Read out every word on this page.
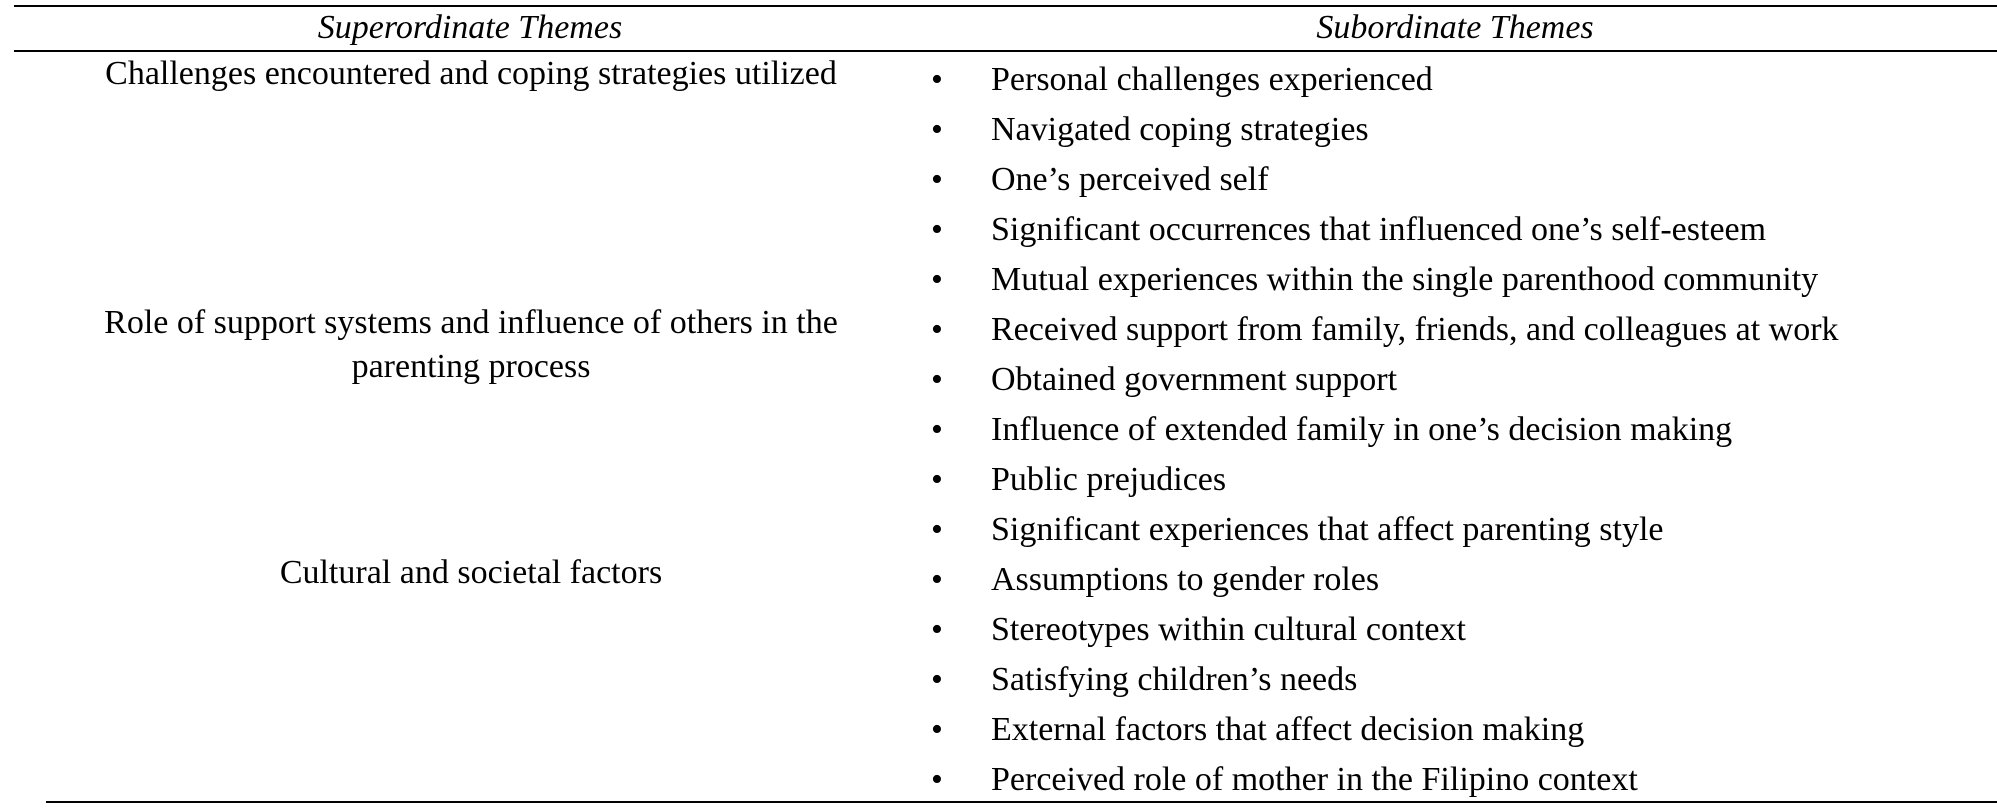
Superordinate Themes	Subordinate Themes
Challenges encountered and coping strategies utilized
Role of support systems and influence of others in the parenting process
Cultural and societal factors
• Personal challenges experienced
• Navigated coping strategies
• One’s perceived self
• Significant occurrences that influenced one’s self-esteem
• Mutual experiences within the single parenthood community
• Received support from family, friends, and colleagues at work
• Obtained government support
• Influence of extended family in one’s decision making
• Public prejudices
• Significant experiences that affect parenting style
• Assumptions to gender roles
• Stereotypes within cultural context
• Satisfying children’s needs
• External factors that affect decision making
• Perceived role of mother in the Filipino context
